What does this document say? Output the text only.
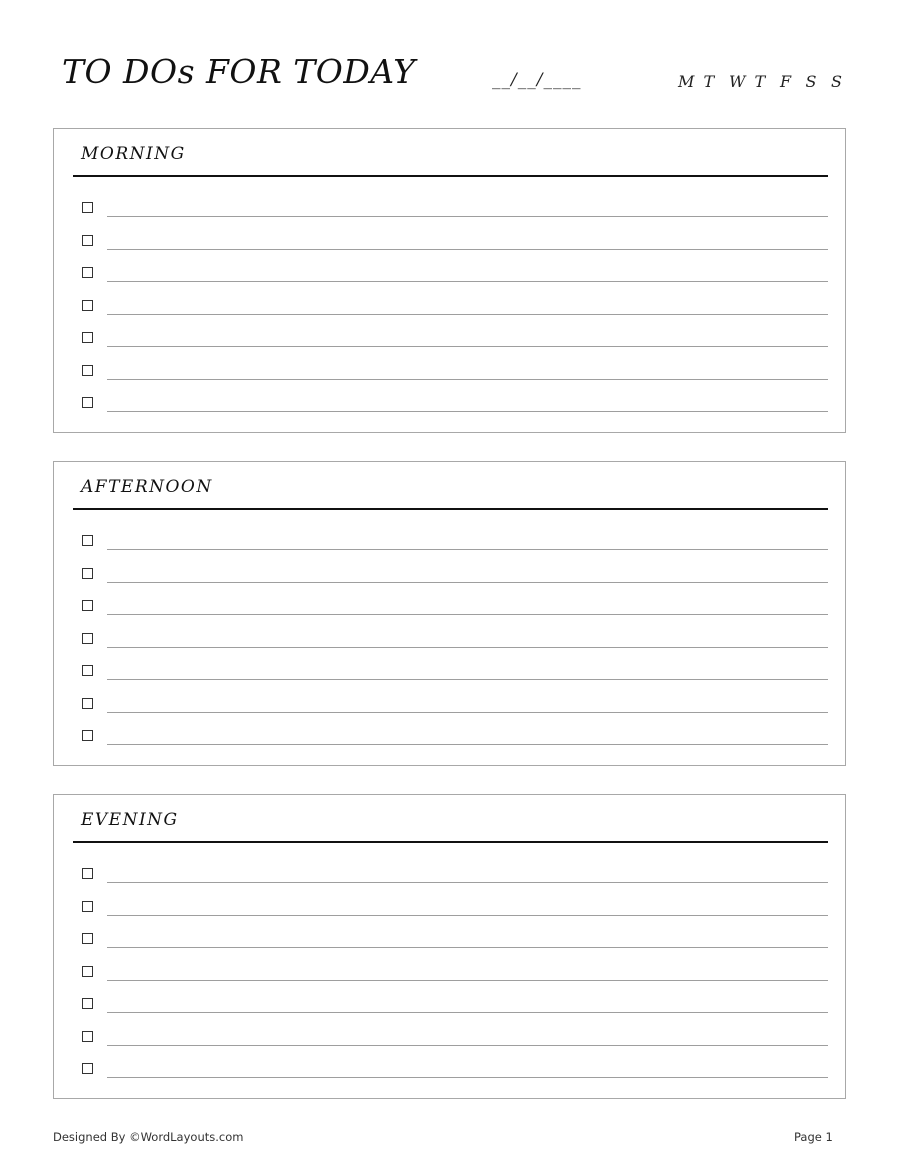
TO DOs FOR TODAY	__/__/____	M T W T F S S
MORNING
AFTERNOON
EVENING
Designed By ©WordLayouts.com	Page 1
